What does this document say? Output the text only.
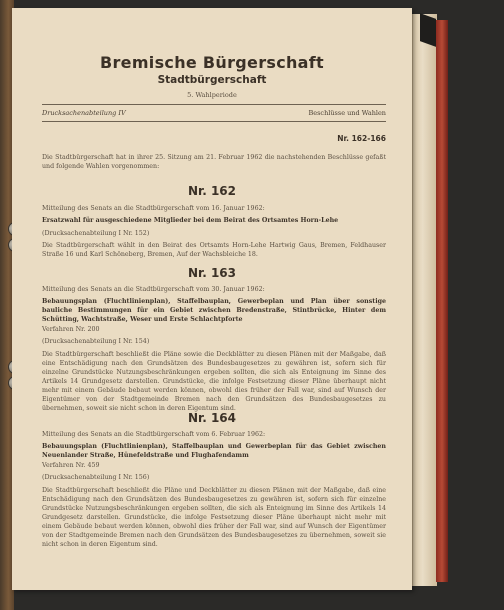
Bremische Bürgerschaft
Stadtbürgerschaft
5. Wahlperiode
Drucksachenabteilung IV	Beschlüsse und Wahlen
Nr. 162-166
Die Stadtbürgerschaft hat in ihrer 25. Sitzung am 21. Februar 1962 die nachstehenden Beschlüsse gefaßt und folgende Wahlen vorgenommen:
Nr. 162
Mitteilung des Senats an die Stadtbürgerschaft vom 16. Januar 1962:
Ersatzwahl für ausgeschiedene Mitglieder bei dem Beirat des Ortsamtes Horn-Lehe
(Drucksachenabteilung I Nr. 152)
Die Stadtbürgerschaft wählt in den Beirat des Ortsamts Horn-Lehe Hartwig Gaus, Bremen, Feldhauser Straße 16 und Karl Schöneberg, Bremen, Auf der Wachsbleiche 18.
Nr. 163
Mitteilung des Senats an die Stadtbürgerschaft vom 30. Januar 1962:
Bebauungsplan (Fluchtlinienplan), Staffelbauplan, Gewerbeplan und Plan über sonstige bauliche Bestimmungen für ein Gebiet zwischen Bredenstraße, Stintbrücke, Hinter dem Schütting, Wachtstraße, Weser und Erste Schlachtpforte
Verfahren Nr. 200
(Drucksachenabteilung I Nr. 154)
Die Stadtbürgerschaft beschließt die Pläne sowie die Deckblätter zu diesen Plänen mit der Maßgabe, daß eine Entschädigung nach den Grundsätzen des Bundesbaugesetzes zu gewähren ist, sofern sich für einzelne Grundstücke Nutzungsbeschränkungen ergeben sollten, die sich als Enteignung im Sinne des Artikels 14 Grundgesetz darstellen. Grundstücke, die infolge Festsetzung dieser Pläne überhaupt nicht mehr mit einem Gebäude bebaut werden können, obwohl dies früher der Fall war, sind auf Wunsch der Eigentümer von der Stadtgemeinde Bremen nach den Grundsätzen des Bundesbaugesetzes zu übernehmen, soweit sie nicht schon in deren Eigentum sind.
Nr. 164
Mitteilung des Senats an die Stadtbürgerschaft vom 6. Februar 1962:
Bebauungsplan (Fluchtlinienplan), Staffelbauplan und Gewerbeplan für das Gebiet zwischen Neuenlander Straße, Hünefeldstraße und Flughafendamm
Verfahren Nr. 459
(Drucksachenabteilung I Nr. 156)
Die Stadtbürgerschaft beschließt die Pläne und Deckblätter zu diesen Plänen mit der Maßgabe, daß eine Entschädigung nach den Grundsätzen des Bundesbaugesetzes zu gewähren ist, sofern sich für einzelne Grundstücke Nutzungsbeschränkungen ergeben sollten, die sich als Enteignung im Sinne des Artikels 14 Grundgesetz darstellen. Grundstücke, die infolge Festsetzung dieser Pläne überhaupt nicht mehr mit einem Gebäude bebaut werden können, obwohl dies früher der Fall war, sind auf Wunsch der Eigentümer von der Stadtgemeinde Bremen nach den Grundsätzen des Bundesbaugesetzes zu übernehmen, soweit sie nicht schon in deren Eigentum sind.
